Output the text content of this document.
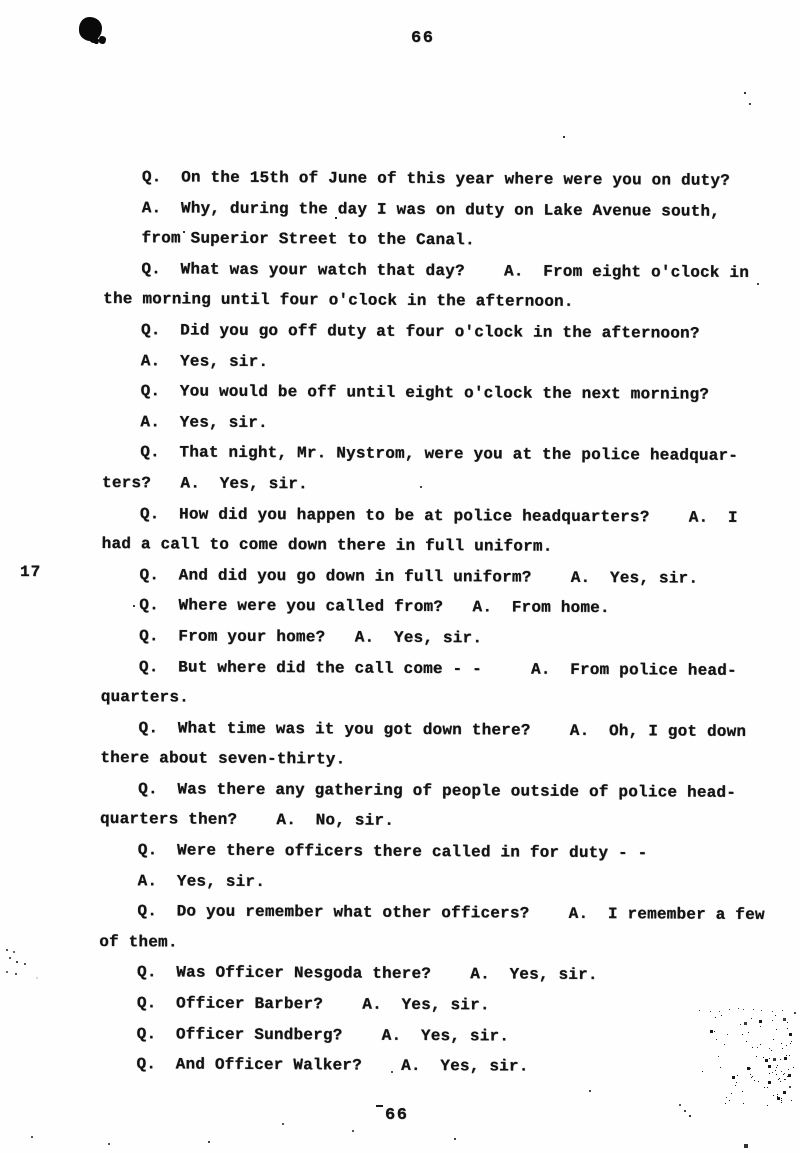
66
17
Q.  On the 15th of June of this year where were you on duty?
A.  Why, during the day I was on duty on Lake Avenue south,
from Superior Street to the Canal.
Q.  What was your watch that day?    A.  From eight o'clock in
the morning until four o'clock in the afternoon.
Q.  Did you go off duty at four o'clock in the afternoon?
A.  Yes, sir.
Q.  You would be off until eight o'clock the next morning?
A.  Yes, sir.
Q.  That night, Mr. Nystrom, were you at the police headquar-
ters?   A.  Yes, sir.
Q.  How did you happen to be at police headquarters?    A.  I
had a call to come down there in full uniform.
Q.  And did you go down in full uniform?    A.  Yes, sir.
Q.  Where were you called from?   A.  From home.
Q.  From your home?   A.  Yes, sir.
Q.  But where did the call come - -     A.  From police head-
quarters.
Q.  What time was it you got down there?    A.  Oh, I got down
there about seven-thirty.
Q.  Was there any gathering of people outside of police head-
quarters then?    A.  No, sir.
Q.  Were there officers there called in for duty - -
A.  Yes, sir.
Q.  Do you remember what other officers?    A.  I remember a few
of them.
Q.  Was Officer Nesgoda there?    A.  Yes, sir.
Q.  Officer Barber?    A.  Yes, sir.
Q.  Officer Sundberg?    A.  Yes, sir.
Q.  And Officer Walker?    A.  Yes, sir.
66
